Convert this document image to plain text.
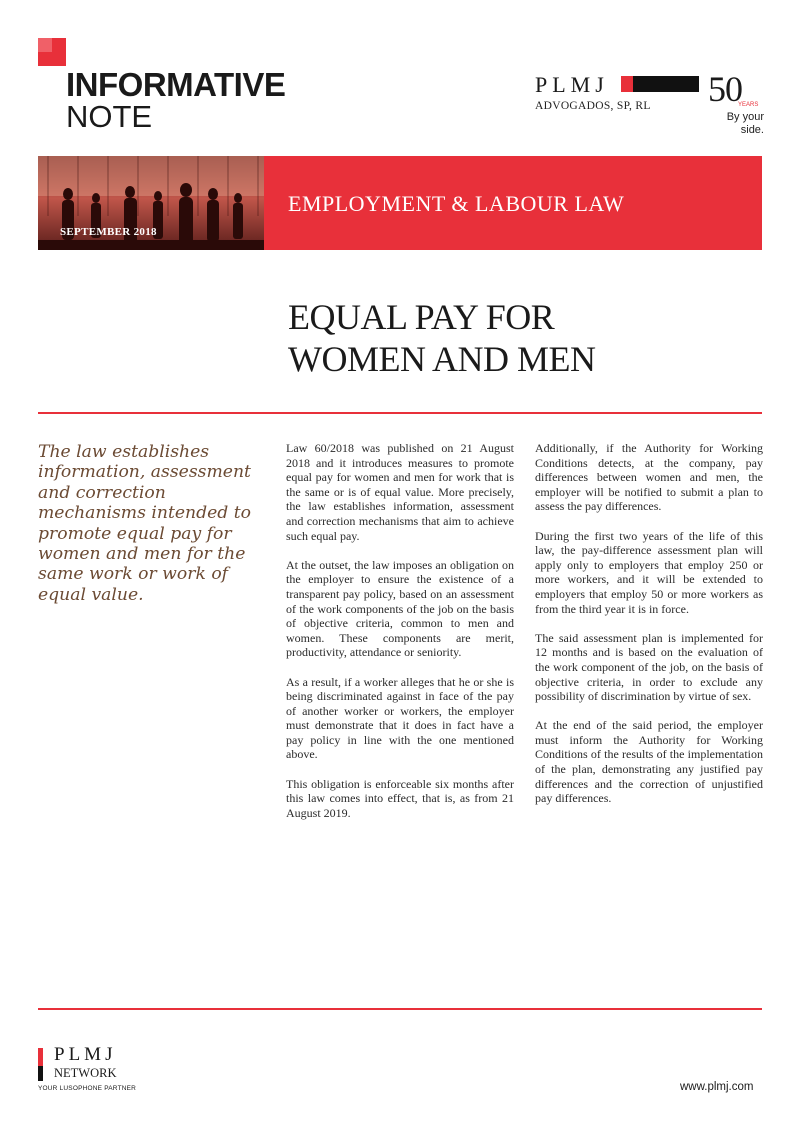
INFORMATIVE
NOTE
PLMJ
ADVOGADOS, SP, RL 50
YEARS
By your
side.
SEPTEMBER 2018
EMPLOYMENT & LABOUR LAW
EQUAL PAY FOR
WOMEN AND MEN
The law establishes information, assessment and correction mechanisms intended to promote equal pay for women and men for the same work or work of equal value.

Law 60/2018 was published on 21 August 2018 and it introduces measures to promote equal pay for women and men for work that is the same or is of equal value. More precisely, the law establishes information, assessment and correction mechanisms that aim to achieve such equal pay.

At the outset, the law imposes an obligation on the employer to ensure the existence of a transparent pay policy, based on an assessment of the work components of the job on the basis of objective criteria, common to men and women. These components are merit, productivity, attendance or seniority.

As a result, if a worker alleges that he or she is being discriminated against in face of the pay of another worker or workers, the employer must demonstrate that it does in fact have a pay policy in line with the one mentioned above.

This obligation is enforceable six months after this law comes into effect, that is, as from 21 August 2019.

Additionally, if the Authority for Working Conditions detects, at the company, pay differences between women and men, the employer will be notified to submit a plan to assess the pay differences.

During the first two years of the life of this law, the pay-difference assessment plan will apply only to employers that employ 250 or more workers, and it will be extended to employers that employ 50 or more workers as from the third year it is in force.

The said assessment plan is implemented for 12 months and is based on the evaluation of the work component of the job, on the basis of objective criteria, in order to exclude any possibility of discrimination by virtue of sex.

At the end of the said period, the employer must inform the Authority for Working Conditions of the results of the implementation of the plan, demonstrating any justified pay differences and the correction of unjustified pay differences.

PLMJ
NETWORK
YOUR LUSOPHONE PARTNER	www.plmj.com
